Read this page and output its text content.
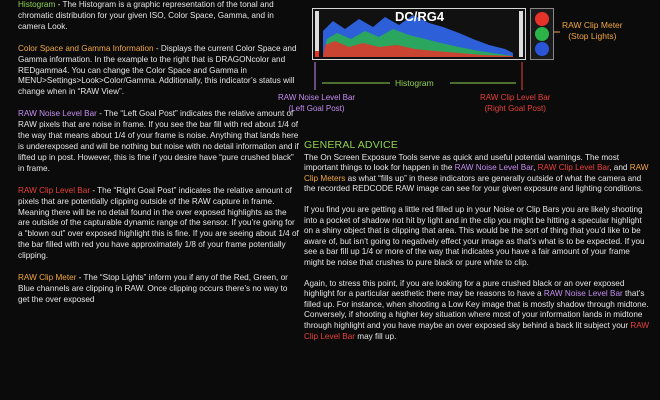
Histogram - The Histogram is a graphic representation of the tonal and chromatic distribution for your given ISO, Color Space, Gamma, and in camera Look.

Color Space and Gamma Information - Displays the current Color Space and Gamma information. In the example to the right that is DRAGONcolor and REDgamma4. You can change the Color Space and Gamma in MENU>Settings>Look>Color/Gamma. Additionally, this indicator’s status will change when in “RAW View”.

RAW Noise Level Bar - The “Left Goal Post” indicates the relative amount of RAW pixels that are noise in frame. If you see the bar fill with red about 1/4 of the way that means about 1/4 of your frame is noise. Anything that lands here is underexposed and will be nothing but noise with no detail information and if lifted up in post. However, this is fine if you desire have “pure crushed black” in frame.

RAW Clip Level Bar - The “Right Goal Post” indicates the relative amount of pixels that are potentially clipping outside of the RAW capture in frame. Meaning there will be no detail found in the over exposed highlights as the are outside of the capturable dynamic range of the sensor. If you’re going for a “blown out” over exposed highlight this is fine. If you are seeing about 1/4 of the bar filled with red you have approximately 1/8 of your frame potentially clipping.

RAW Clip Meter - The “Stop Lights” inform you if any of the Red, Green, or Blue channels are clipping in RAW. Once clipping occurs there’s no way to get the over exposed

DC/RG4
RAW Clip Meter
(Stop Lights)
Histogram
RAW Noise Level Bar
(Left Goal Post)
RAW Clip Level Bar
(Right Goal Post)
GENERAL ADVICE

The On Screen Exposure Tools serve as quick and useful potential warnings. The most important things to look for happen in the RAW Noise Level Bar, RAW Clip Level Bar, and RAW Clip Meters as what “fills up” in these indicators are generally outside of what the camera and the recorded REDCODE RAW image can see for your given exposure and lighting conditions.

If you find you are getting a little red filled up in your Noise or Clip Bars you are likely shooting into a pocket of shadow not hit by light and in the clip you might be hitting a specular highlight on a shiny object that is clipping that area. This would be the sort of thing that you’d like to be aware of, but isn’t going to negatively effect your image as that’s what is to be expected. If you see a bar fill up 1/4 or more of the way that indicates you have a fair amount of your frame might be noise that crushes to pure black or pure white to clip.

Again, to stress this point, if you are looking for a pure crushed black or an over exposed highlight for a particular aesthetic there may be reasons to have a RAW Noise Level Bar that’s filled up. For instance, when shooting a Low Key image that is mostly shadow through midtone. Conversely, if shooting a higher key situation where most of your information lands in midtone through highlight and you have maybe an over exposed sky behind a back lit subject your RAW Clip Level Bar may fill up.
